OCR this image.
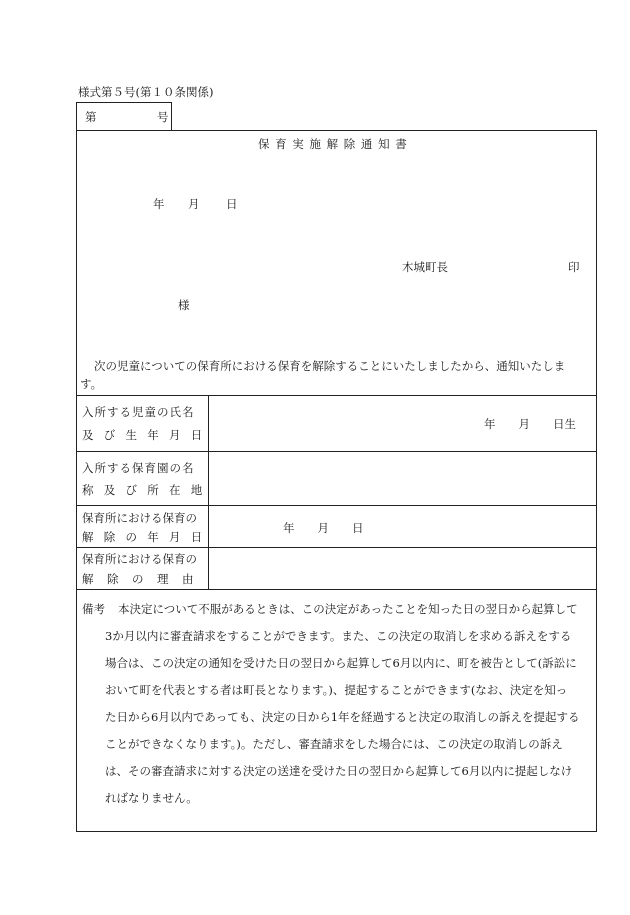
様式第５号(第１０条関係)
第	号
保 育 実 施 解 除 通 知 書
年 月 日
木城町長	印
様
次の児童についての保育所における保育を解除することにいたしましたから、通知いたしま
す。
入所する児童の氏名
及 び 生 年 月 日
年　　月　　日生
入所する保育園の名
称 及 び 所 在 地
保育所における保育の
解 除 の 年 月 日
年　　月　　日
保育所における保育の
解　除　の　理　由
備考 本決定について不服があるときは、この決定があったことを知った日の翌日から起算して
3か月以内に審査請求をすることができます。また、この決定の取消しを求める訴えをする
場合は、この決定の通知を受けた日の翌日から起算して6月以内に、町を被告として(訴訟に
おいて町を代表とする者は町長となります。)、提起することができます(なお、決定を知っ
た日から6月以内であっても、決定の日から1年を経過すると決定の取消しの訴えを提起する
ことができなくなります。)。ただし、審査請求をした場合には、この決定の取消しの訴え
は、その審査請求に対する決定の送達を受けた日の翌日から起算して6月以内に提起しなけ
ればなりません。
